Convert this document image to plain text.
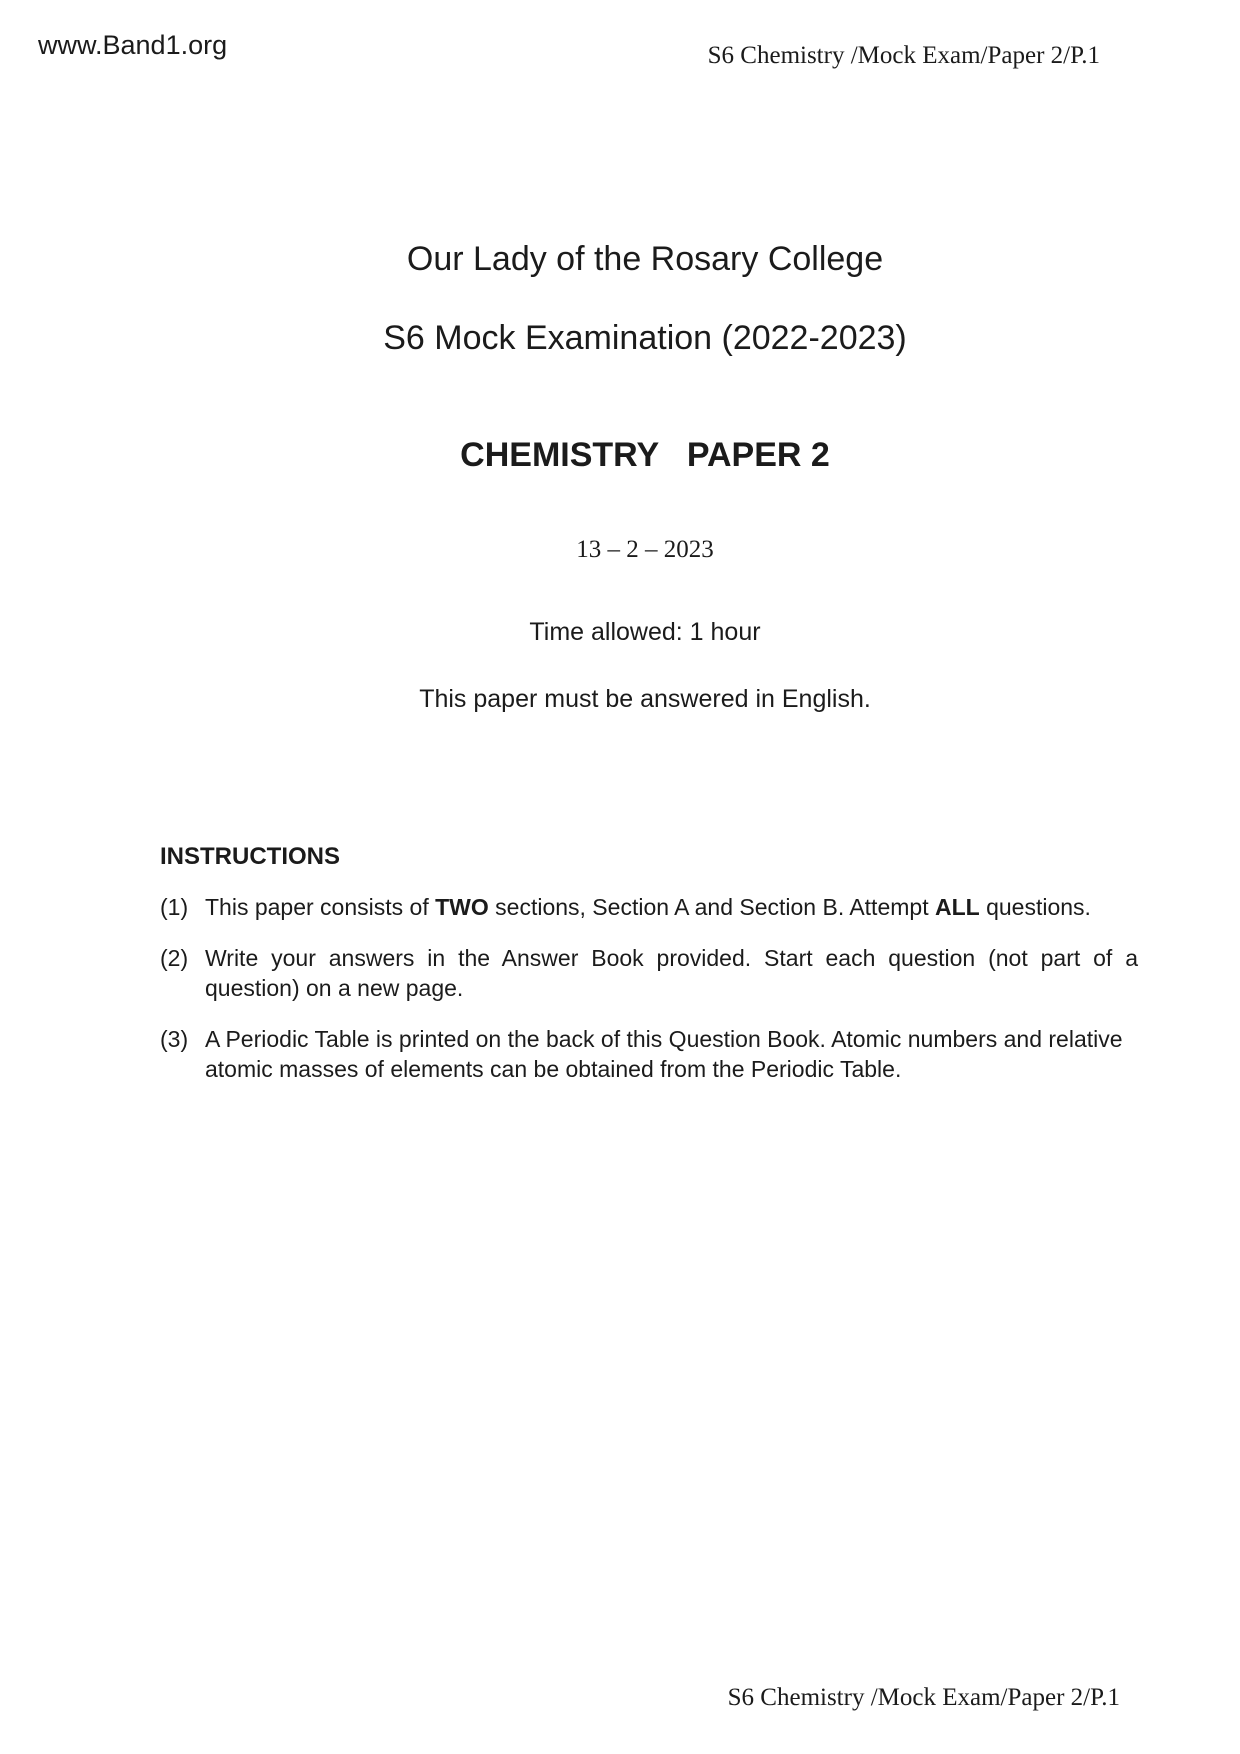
www.Band1.org	S6 Chemistry /Mock Exam/Paper 2/P.1
Our Lady of the Rosary College
S6 Mock Examination (2022-2023)
CHEMISTRY   PAPER 2
13 – 2 – 2023
Time allowed: 1 hour
This paper must be answered in English.
INSTRUCTIONS
(1) This paper consists of TWO sections, Section A and Section B. Attempt ALL questions.
(2) Write your answers in the Answer Book provided. Start each question (not part of a
question) on a new page.
(3) A Periodic Table is printed on the back of this Question Book. Atomic numbers and relative
atomic masses of elements can be obtained from the Periodic Table.
S6 Chemistry /Mock Exam/Paper 2/P.1
